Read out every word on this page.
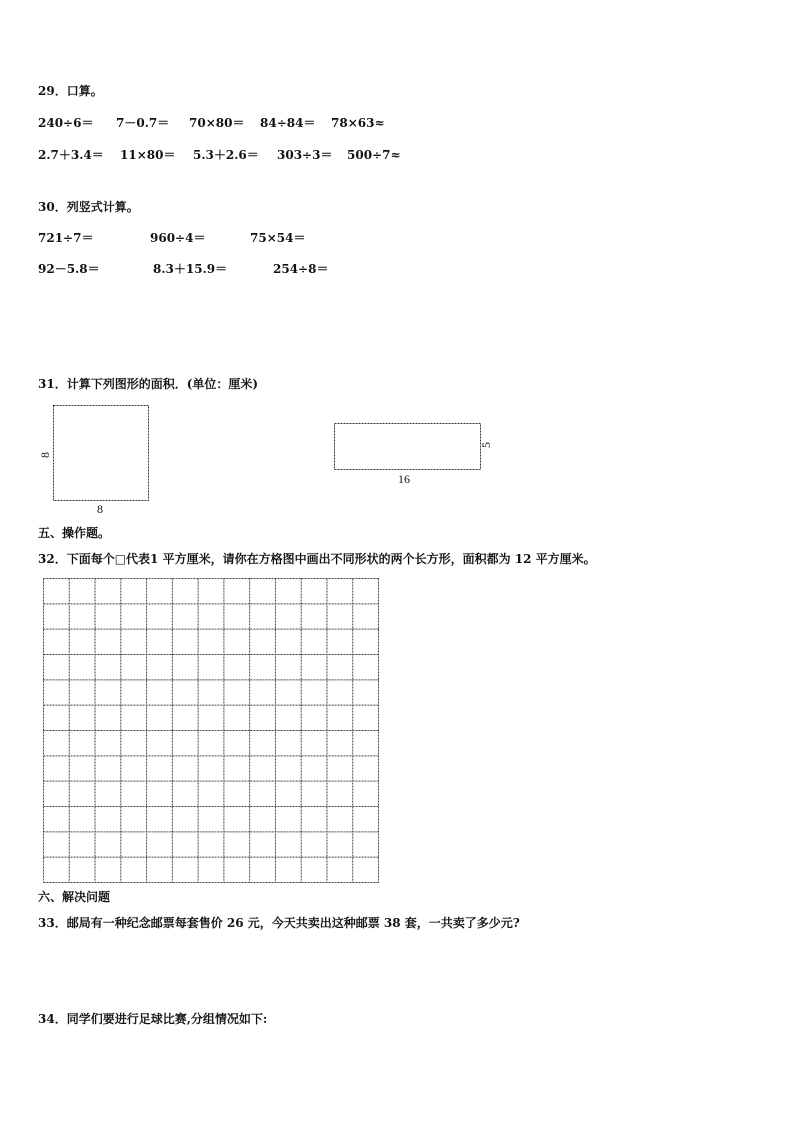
29．口算。
240÷6＝ 7－0.7＝ 70×80＝ 84÷84＝ 78×63≈
2.7＋3.4＝ 11×80＝ 5.3＋2.6＝ 303÷3＝ 500÷7≈
30．列竖式计算。
721÷7＝	960÷4＝	75×54＝
92－5.8＝	8.3＋15.9＝	254÷8＝
31．计算下列图形的面积．(单位：厘米)
8
8
5
16
五、操作题。
32．下面每个□代表1 平方厘米，请你在方格图中画出不同形状的两个长方形，面积都为 12 平方厘米。
六、解决问题
33．邮局有一种纪念邮票每套售价 26 元，今天共卖出这种邮票 38 套，一共卖了多少元?
34．同学们要进行足球比赛,分组情况如下:
